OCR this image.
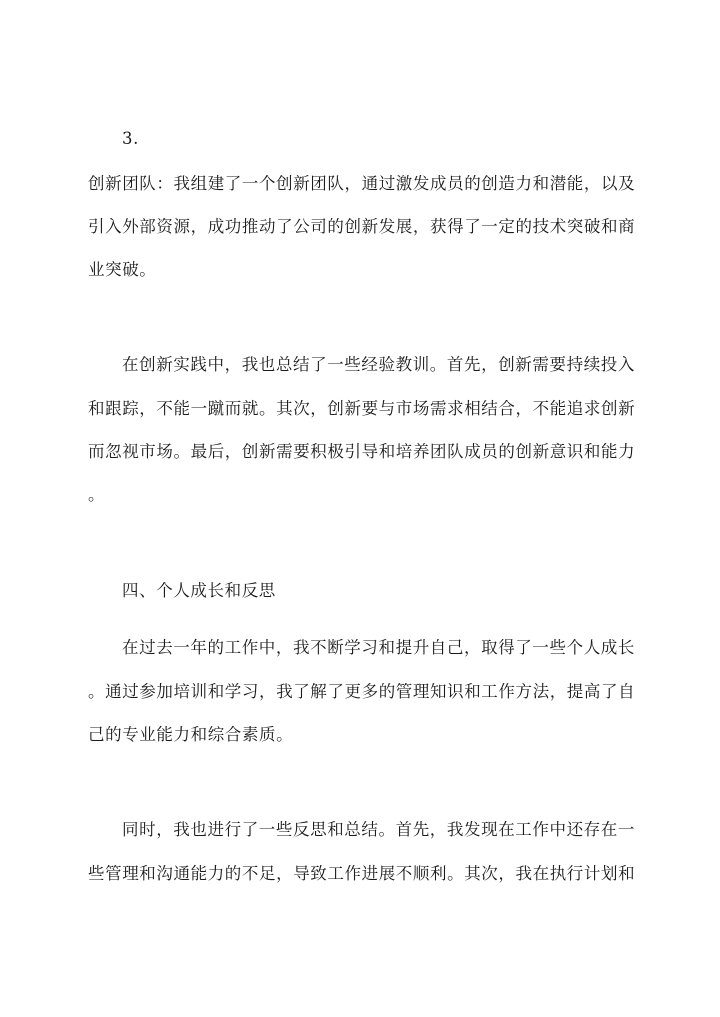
3.
创新团队：我组建了一个创新团队，通过激发成员的创造力和潜能，以及
引入外部资源，成功推动了公司的创新发展，获得了一定的技术突破和商
业突破。
在创新实践中，我也总结了一些经验教训。首先，创新需要持续投入
和跟踪，不能一蹴而就。其次，创新要与市场需求相结合，不能追求创新
而忽视市场。最后，创新需要积极引导和培养团队成员的创新意识和能力
。
四、个人成长和反思
在过去一年的工作中，我不断学习和提升自己，取得了一些个人成长
。通过参加培训和学习，我了解了更多的管理知识和工作方法，提高了自
己的专业能力和综合素质。
同时，我也进行了一些反思和总结。首先，我发现在工作中还存在一
些管理和沟通能力的不足，导致工作进展不顺利。其次，我在执行计划和
